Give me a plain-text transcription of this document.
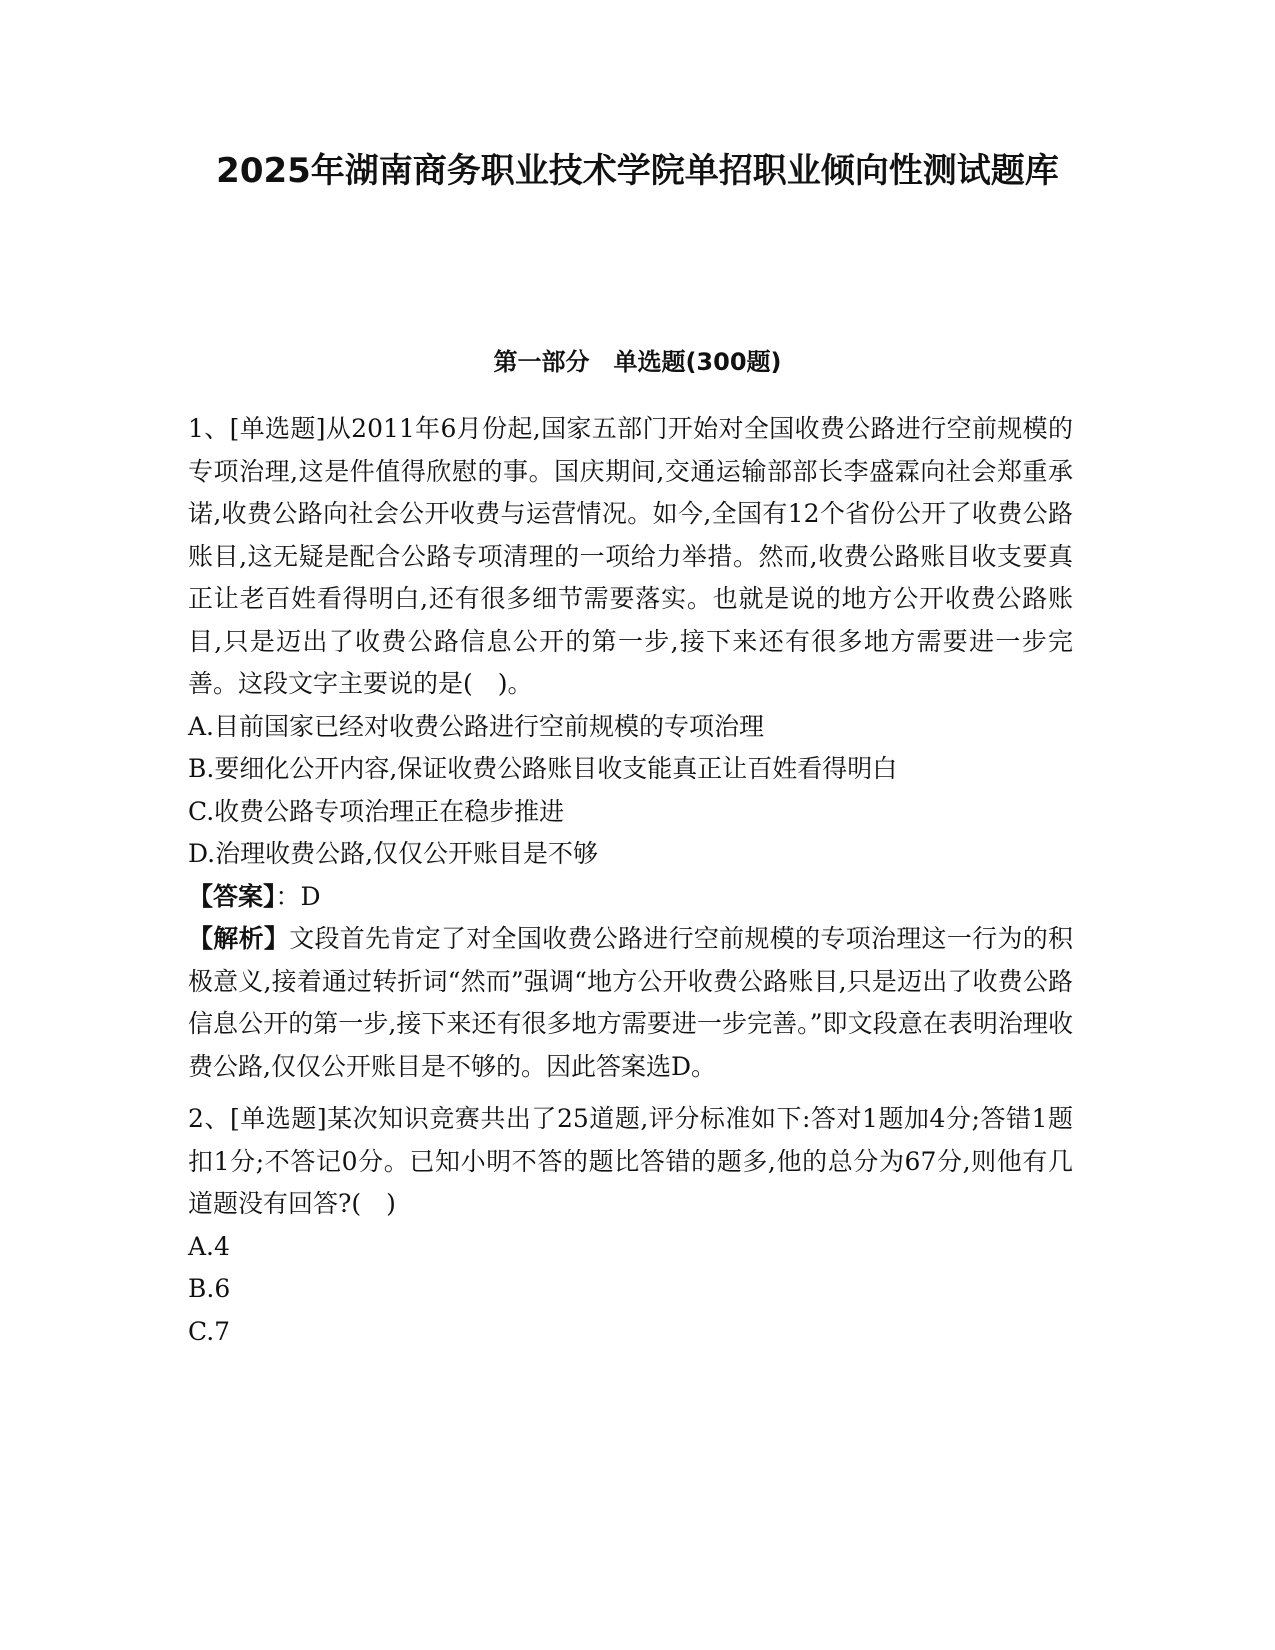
2025年湖南商务职业技术学院单招职业倾向性测试题库
第一部分　单选题(300题)

1、[单选题]从2011年6月份起,国家五部门开始对全国收费公路进行空前规模的专项治理,这是件值得欣慰的事。国庆期间,交通运输部部长李盛霖向社会郑重承诺,收费公路向社会公开收费与运营情况。如今,全国有12个省份公开了收费公路账目,这无疑是配合公路专项清理的一项给力举措。然而,收费公路账目收支要真正让老百姓看得明白,还有很多细节需要落实。也就是说的地方公开收费公路账目,只是迈出了收费公路信息公开的第一步,接下来还有很多地方需要进一步完善。这段文字主要说的是(　)。

A.目前国家已经对收费公路进行空前规模的专项治理

B.要细化公开内容,保证收费公路账目收支能真正让百姓看得明白

C.收费公路专项治理正在稳步推进

D.治理收费公路,仅仅公开账目是不够

【答案】：D

【解析】文段首先肯定了对全国收费公路进行空前规模的专项治理这一行为的积极意义,接着通过转折词“然而”强调“地方公开收费公路账目,只是迈出了收费公路信息公开的第一步,接下来还有很多地方需要进一步完善。”即文段意在表明治理收费公路,仅仅公开账目是不够的。因此答案选D。

2、[单选题]某次知识竞赛共出了25道题,评分标准如下:答对1题加4分;答错1题扣1分;不答记0分。已知小明不答的题比答错的题多,他的总分为67分,则他有几道题没有回答?(　)

A.4

B.6

C.7
